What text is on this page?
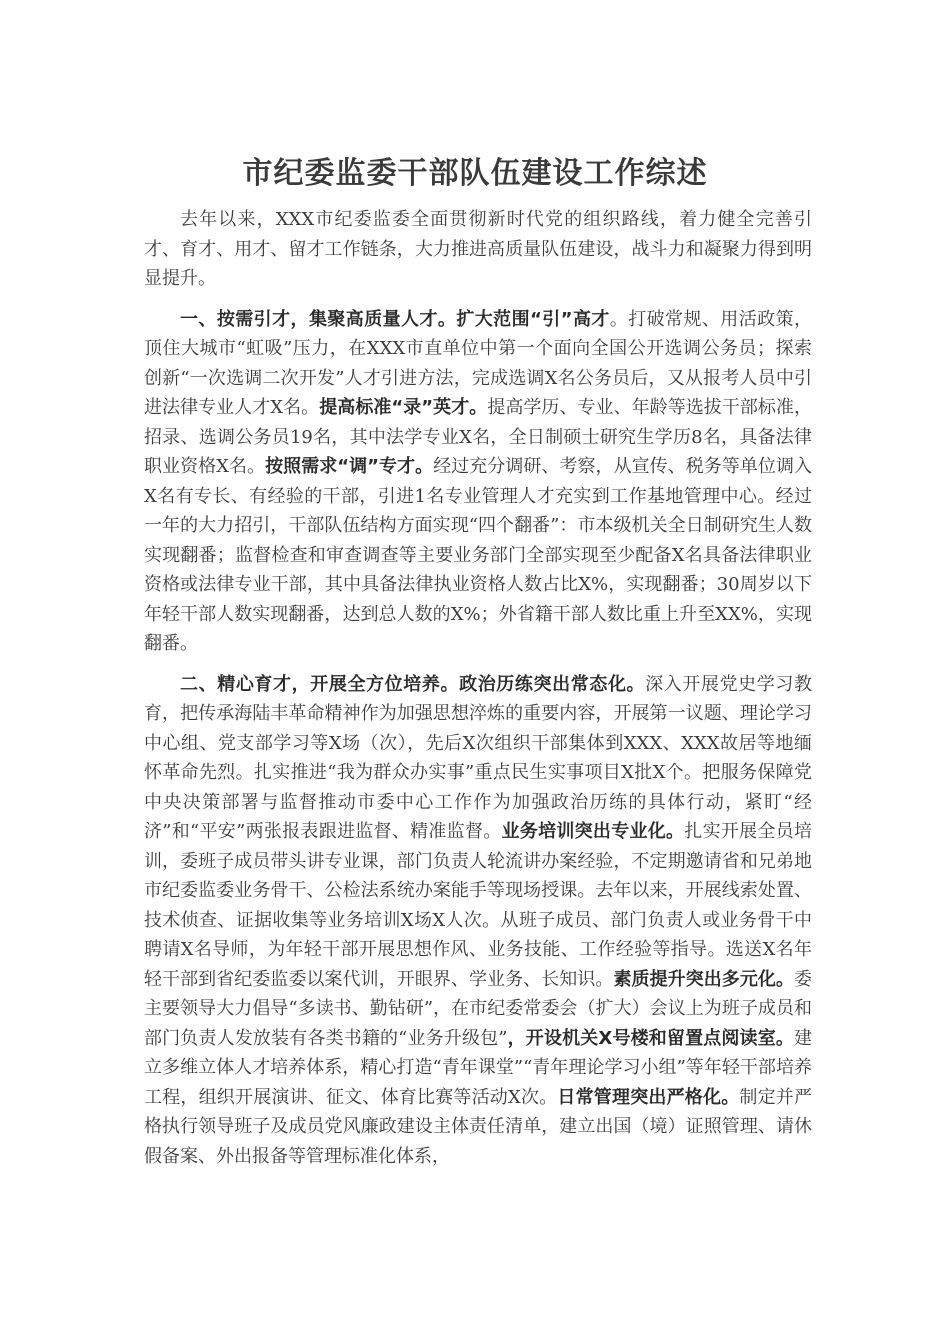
市纪委监委干部队伍建设工作综述

去年以来，XXX市纪委监委全面贯彻新时代党的组织路线，着力健全完善引才、育才、用才、留才工作链条，大力推进高质量队伍建设，战斗力和凝聚力得到明显提升。

一、按需引才，集聚高质量人才。扩大范围“引”高才。打破常规、用活政策，顶住大城市“虹吸”压力，在XXX市直单位中第一个面向全国公开选调公务员；探索创新“一次选调二次开发”人才引进方法，完成选调X名公务员后，又从报考人员中引进法律专业人才X名。提高标准“录”英才。提高学历、专业、年龄等选拔干部标准，招录、选调公务员19名，其中法学专业X名，全日制硕士研究生学历8名，具备法律职业资格X名。按照需求“调”专才。经过充分调研、考察，从宣传、税务等单位调入X名有专长、有经验的干部，引进1名专业管理人才充实到工作基地管理中心。经过一年的大力招引，干部队伍结构方面实现“四个翻番”：市本级机关全日制研究生人数实现翻番；监督检查和审查调查等主要业务部门全部实现至少配备X名具备法律职业资格或法律专业干部，其中具备法律执业资格人数占比X%，实现翻番；30周岁以下年轻干部人数实现翻番，达到总人数的X%；外省籍干部人数比重上升至XX%，实现翻番。

二、精心育才，开展全方位培养。政治历练突出常态化。深入开展党史学习教育，把传承海陆丰革命精神作为加强思想淬炼的重要内容，开展第一议题、理论学习中心组、党支部学习等X场（次），先后X次组织干部集体到XXX、XXX故居等地缅怀革命先烈。扎实推进“我为群众办实事”重点民生实事项目X批X个。把服务保障党中央决策部署与监督推动市委中心工作作为加强政治历练的具体行动，紧盯“经济”和“平安”两张报表跟进监督、精准监督。业务培训突出专业化。扎实开展全员培训，委班子成员带头讲专业课，部门负责人轮流讲办案经验，不定期邀请省和兄弟地市纪委监委业务骨干、公检法系统办案能手等现场授课。去年以来，开展线索处置、技术侦查、证据收集等业务培训X场X人次。从班子成员、部门负责人或业务骨干中聘请X名导师，为年轻干部开展思想作风、业务技能、工作经验等指导。选送X名年轻干部到省纪委监委以案代训，开眼界、学业务、长知识。素质提升突出多元化。委主要领导大力倡导“多读书、勤钻研”，在市纪委常委会（扩大）会议上为班子成员和部门负责人发放装有各类书籍的“业务升级包”，开设机关X号楼和留置点阅读室。建立多维立体人才培养体系，精心打造“青年课堂”“青年理论学习小组”等年轻干部培养工程，组织开展演讲、征文、体育比赛等活动X次。日常管理突出严格化。制定并严格执行领导班子及成员党风廉政建设主体责任清单，建立出国（境）证照管理、请休假备案、外出报备等管理标准化体系，
